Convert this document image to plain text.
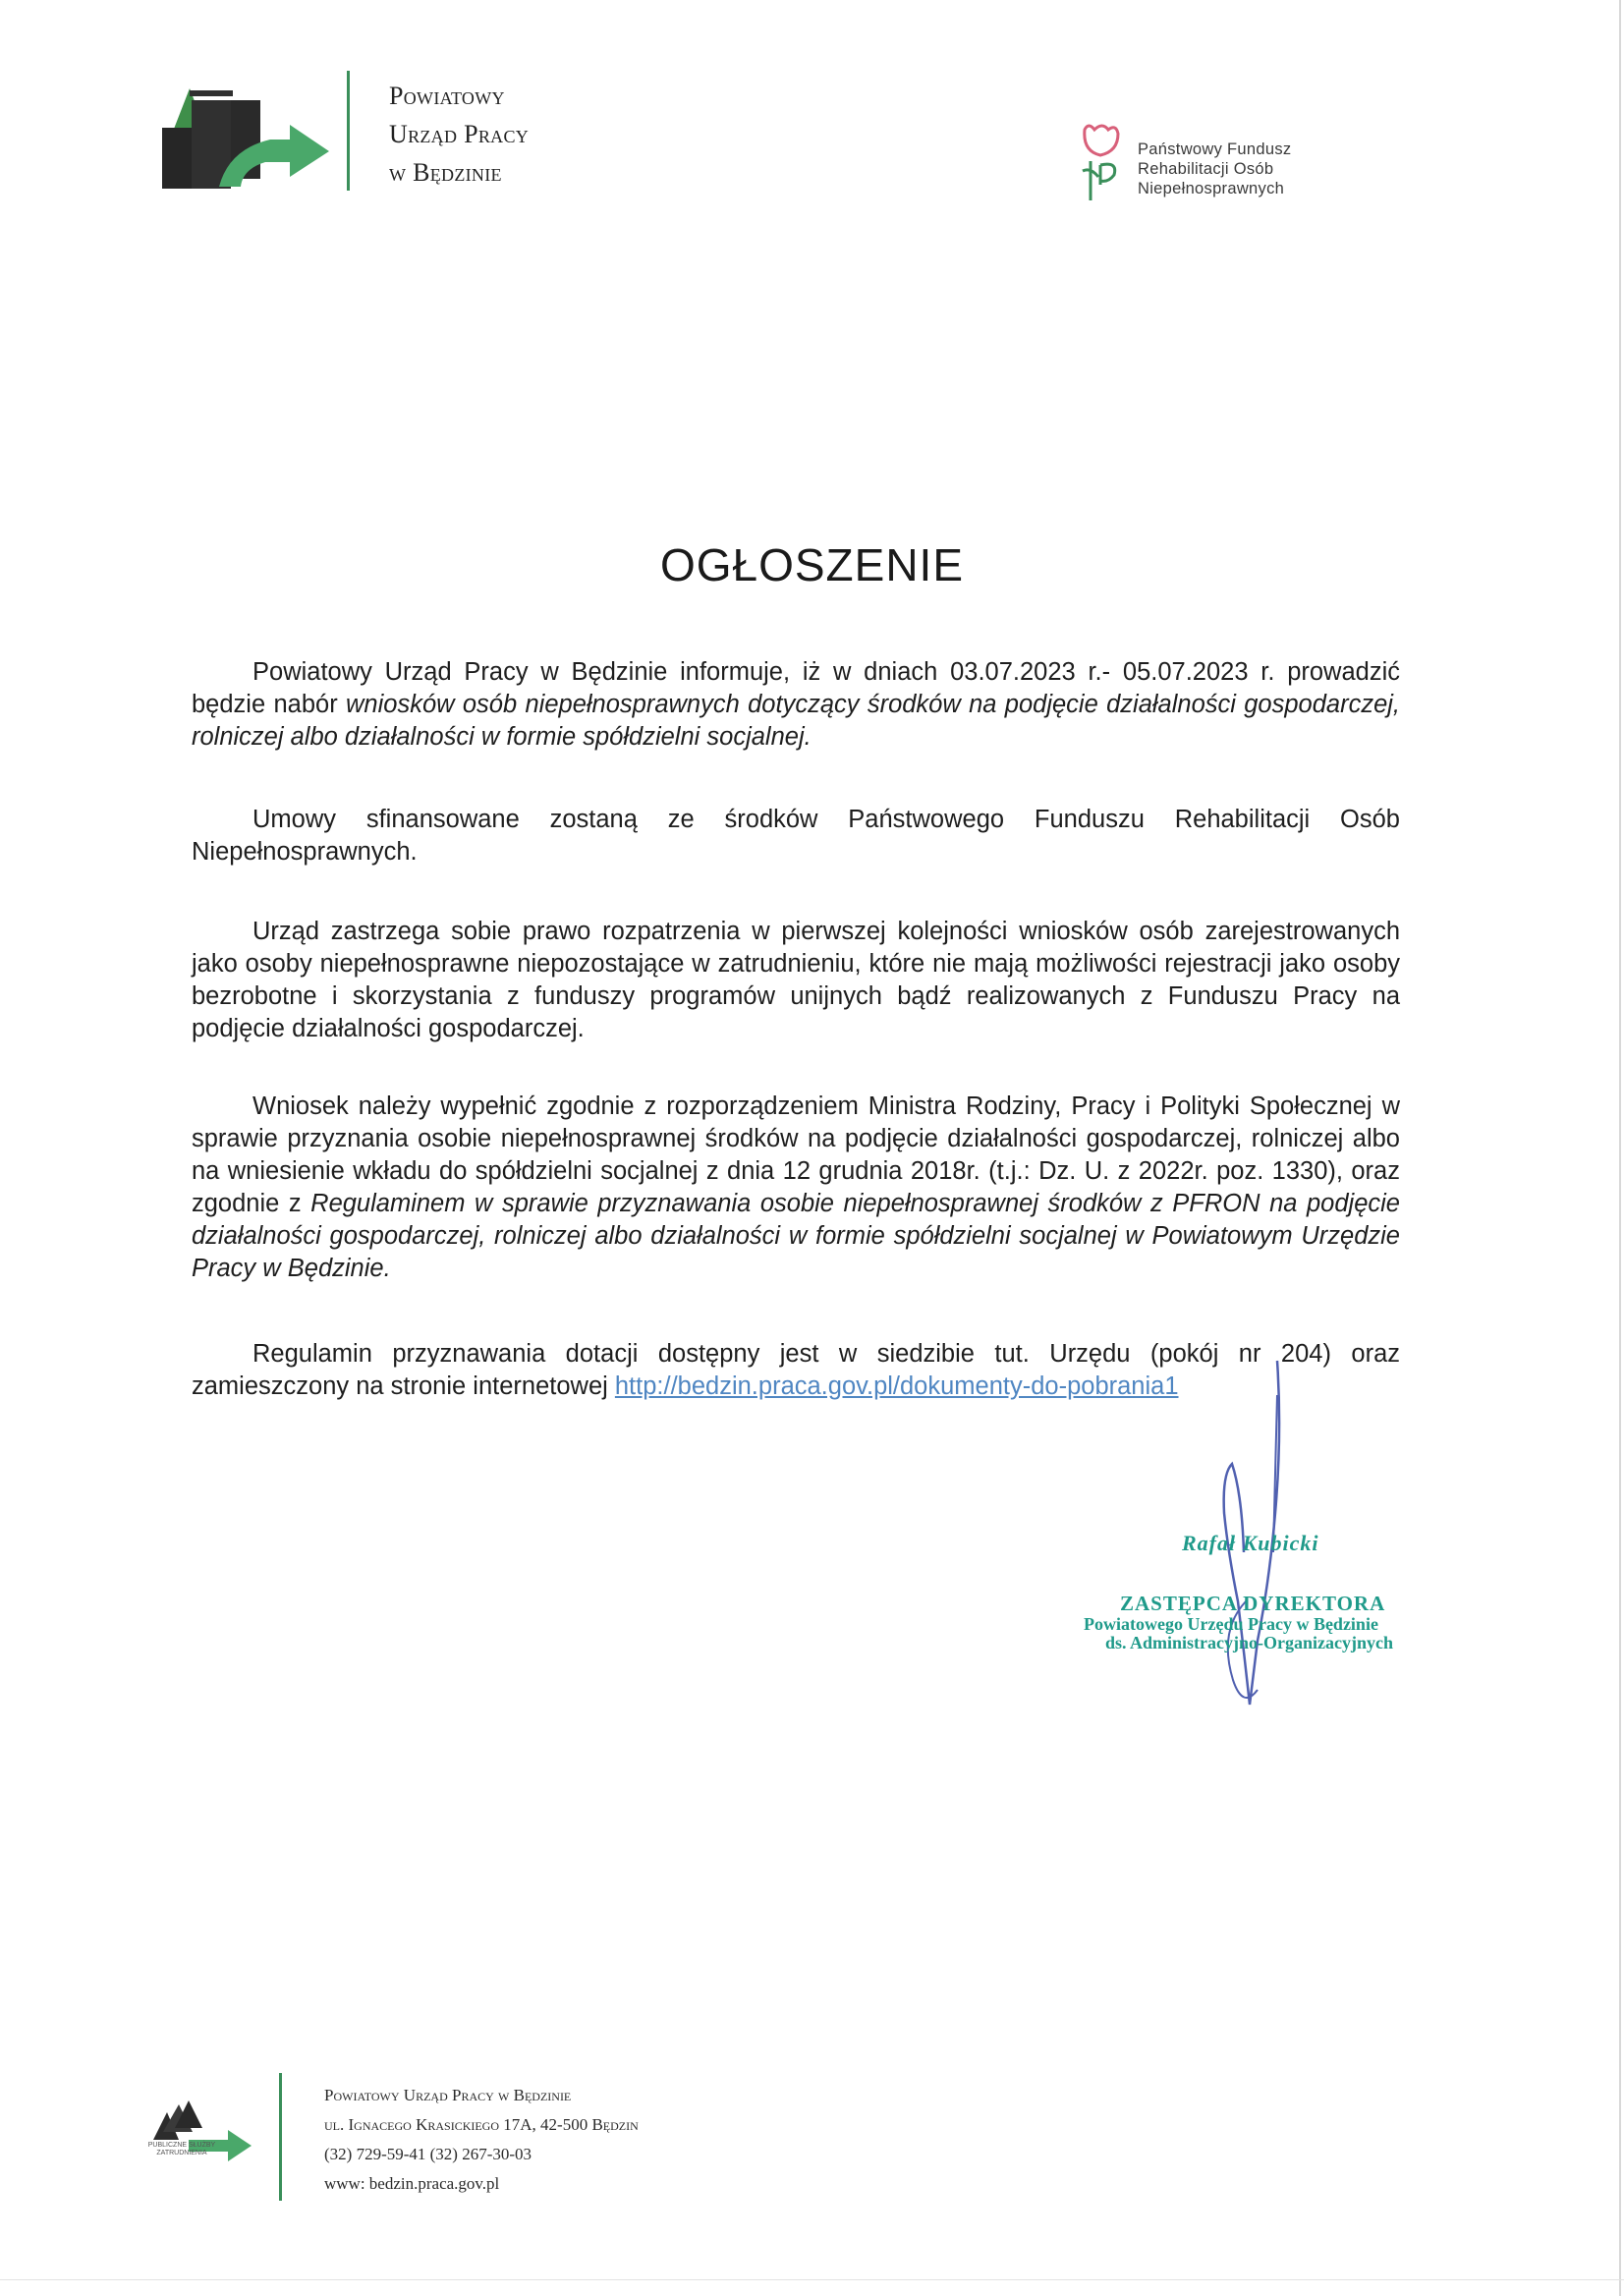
Powiatowy
Urząd Pracy
w Będzinie
Państwowy Fundusz
Rehabilitacji Osób
Niepełnosprawnych
OGŁOSZENIE
Powiatowy Urząd Pracy w Będzinie informuje, iż w dniach 03.07.2023 r.- 05.07.2023 r. prowadzić będzie nabór wniosków osób niepełnosprawnych dotyczący środków na podjęcie działalności gospodarczej, rolniczej albo działalności w formie spółdzielni socjalnej.
Umowy sfinansowane zostaną ze środków Państwowego Funduszu Rehabilitacji Osób Niepełnosprawnych.
Urząd zastrzega sobie prawo rozpatrzenia w pierwszej kolejności wniosków osób zarejestrowanych jako osoby niepełnosprawne niepozostające w zatrudnieniu, które nie mają możliwości rejestracji jako osoby bezrobotne i skorzystania z funduszy programów unijnych bądź realizowanych z Funduszu Pracy na podjęcie działalności gospodarczej.
Wniosek należy wypełnić zgodnie z rozporządzeniem Ministra Rodziny, Pracy i Polityki Społecznej w sprawie przyznania osobie niepełnosprawnej środków na podjęcie działalności gospodarczej, rolniczej albo na wniesienie wkładu do spółdzielni socjalnej z dnia 12 grudnia 2018r. (t.j.: Dz. U. z 2022r. poz. 1330), oraz zgodnie z Regulaminem w sprawie przyznawania osobie niepełnosprawnej środków z PFRON na podjęcie działalności gospodarczej, rolniczej albo działalności w formie spółdzielni socjalnej w Powiatowym Urzędzie Pracy w Będzinie.
Regulamin przyznawania dotacji dostępny jest w siedzibie tut. Urzędu (pokój nr 204) oraz zamieszczony na stronie internetowej http://bedzin.praca.gov.pl/dokumenty-do-pobrania1
Rafał Kubicki
ZASTĘPCA DYREKTORA
Powiatowego Urzędu Pracy w Będzinie
ds. Administracyjno-Organizacyjnych
PUBLICZNE SŁUŻBY ZATRUDNIENIA
Powiatowy Urząd Pracy w Będzinie
ul. Ignacego Krasickiego 17A, 42-500 Będzin
(32) 729-59-41 (32) 267-30-03
www: bedzin.praca.gov.pl
